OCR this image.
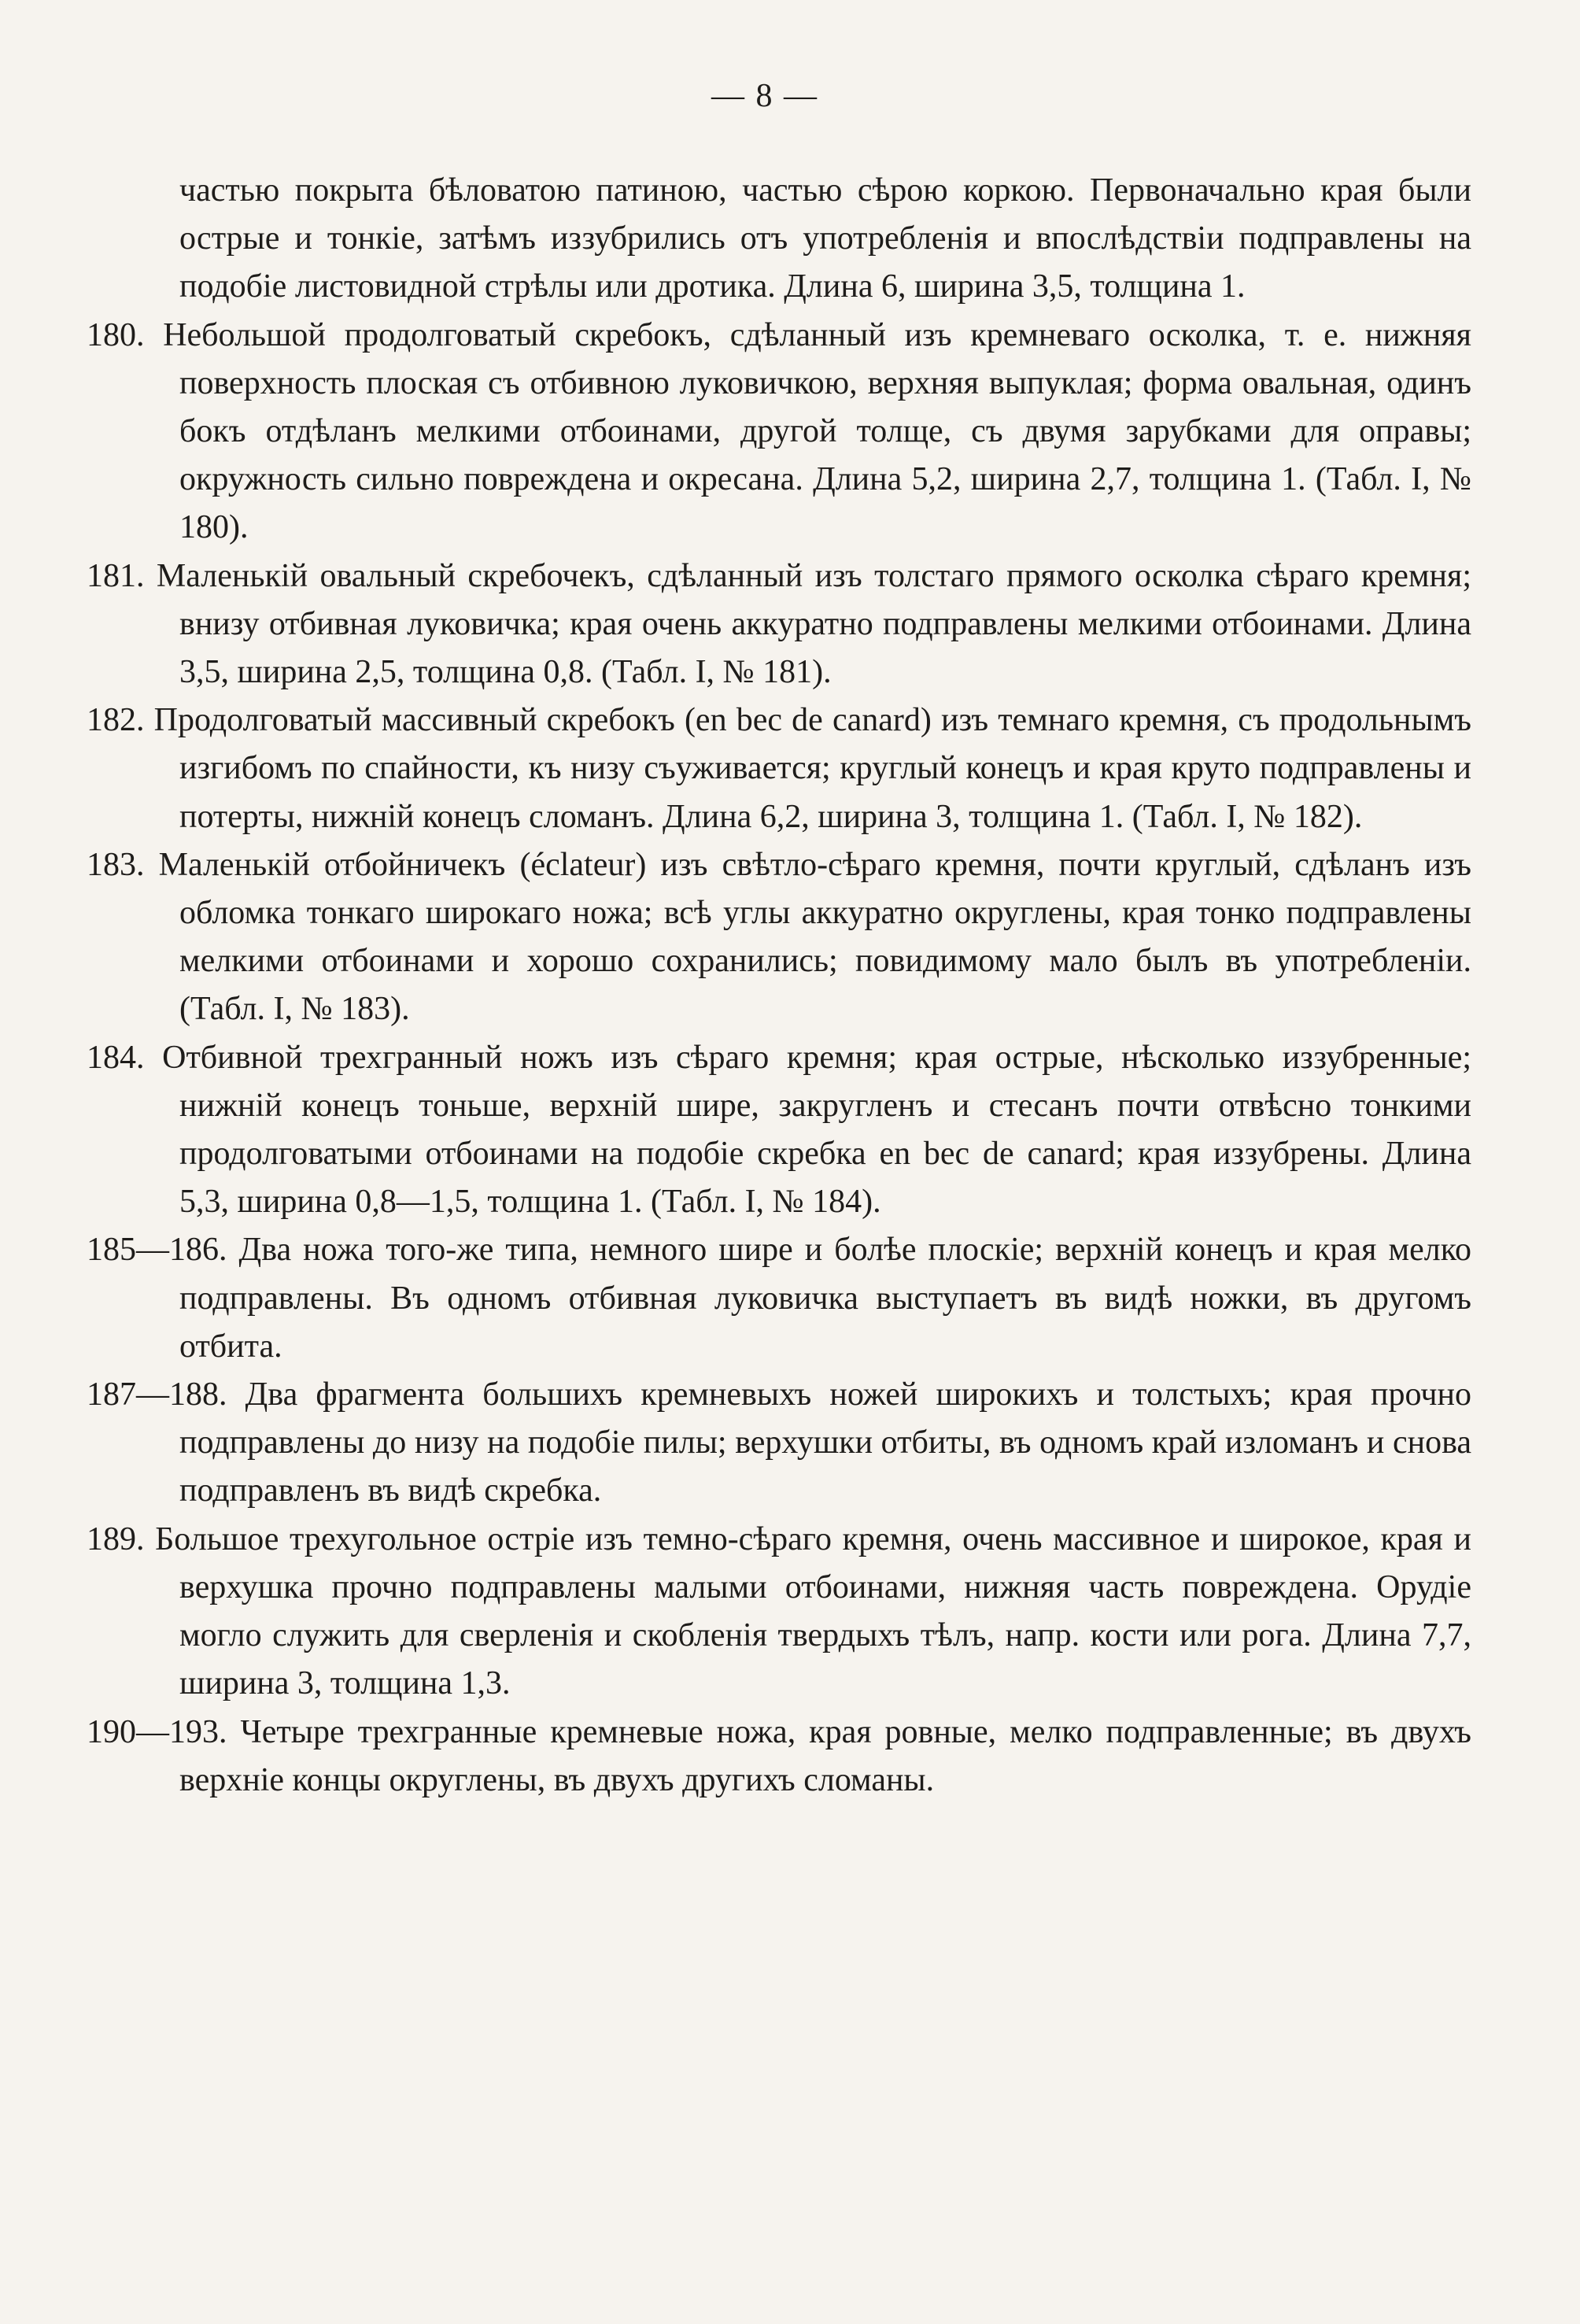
— 8 —

частью покрыта бѣловатою патиною, частью сѣрою коркою. Первоначально края были острые и тонкіе, затѣмъ иззубрились отъ употребленія и впослѣдствіи подправлены на подобіе листовидной стрѣлы или дротика. Длина 6, ширина 3,5, толщина 1.

180. Небольшой продолговатый скребокъ, сдѣланный изъ кремневаго осколка, т. е. нижняя поверхность плоская съ отбивною луковичкою, верхняя выпуклая; форма овальная, одинъ бокъ отдѣланъ мелкими отбоинами, другой толще, съ двумя зарубками для оправы; окружность сильно повреждена и окресана. Длина 5,2, ширина 2,7, толщина 1. (Табл. I, № 180).

181. Маленькій овальный скребочекъ, сдѣланный изъ толстаго прямого осколка сѣраго кремня; внизу отбивная луковичка; края очень аккуратно подправлены мелкими отбоинами. Длина 3,5, ширина 2,5, толщина 0,8. (Табл. I, № 181).

182. Продолговатый массивный скребокъ (en bec de canard) изъ темнаго кремня, съ продольнымъ изгибомъ по спайности, къ низу съуживается; круглый конецъ и края круто подправлены и потерты, нижній конецъ сломанъ. Длина 6,2, ширина 3, толщина 1. (Табл. I, № 182).

183. Маленькій отбойничекъ (éclateur) изъ свѣтло-сѣраго кремня, почти круглый, сдѣланъ изъ обломка тонкаго широкаго ножа; всѣ углы аккуратно округлены, края тонко подправлены мелкими отбоинами и хорошо сохранились; повидимому мало былъ въ употребленіи. (Табл. I, № 183).

184. Отбивной трехгранный ножъ изъ сѣраго кремня; края острые, нѣсколько иззубренные; нижній конецъ тоньше, верхній шире, закругленъ и стесанъ почти отвѣсно тонкими продолговатыми отбоинами на подобіе скребка en bec de canard; края иззубрены. Длина 5,3, ширина 0,8—1,5, толщина 1. (Табл. I, № 184).

185—186. Два ножа того-же типа, немного шире и болѣе плоскіе; верхній конецъ и края мелко подправлены. Въ одномъ отбивная луковичка выступаетъ въ видѣ ножки, въ другомъ отбита.

187—188. Два фрагмента большихъ кремневыхъ ножей широкихъ и толстыхъ; края прочно подправлены до низу на подобіе пилы; верхушки отбиты, въ одномъ край изломанъ и снова подправленъ въ видѣ скребка.

189. Большое трехугольное остріе изъ темно-сѣраго кремня, очень массивное и широкое, края и верхушка прочно подправлены малыми отбоинами, нижняя часть повреждена. Орудіе могло служить для сверленія и скобленія твердыхъ тѣлъ, напр. кости или рога. Длина 7,7, ширина 3, толщина 1,3.

190—193. Четыре трехгранные кремневые ножа, края ровные, мелко подправленные; въ двухъ верхніе концы округлены, въ двухъ другихъ сломаны.
